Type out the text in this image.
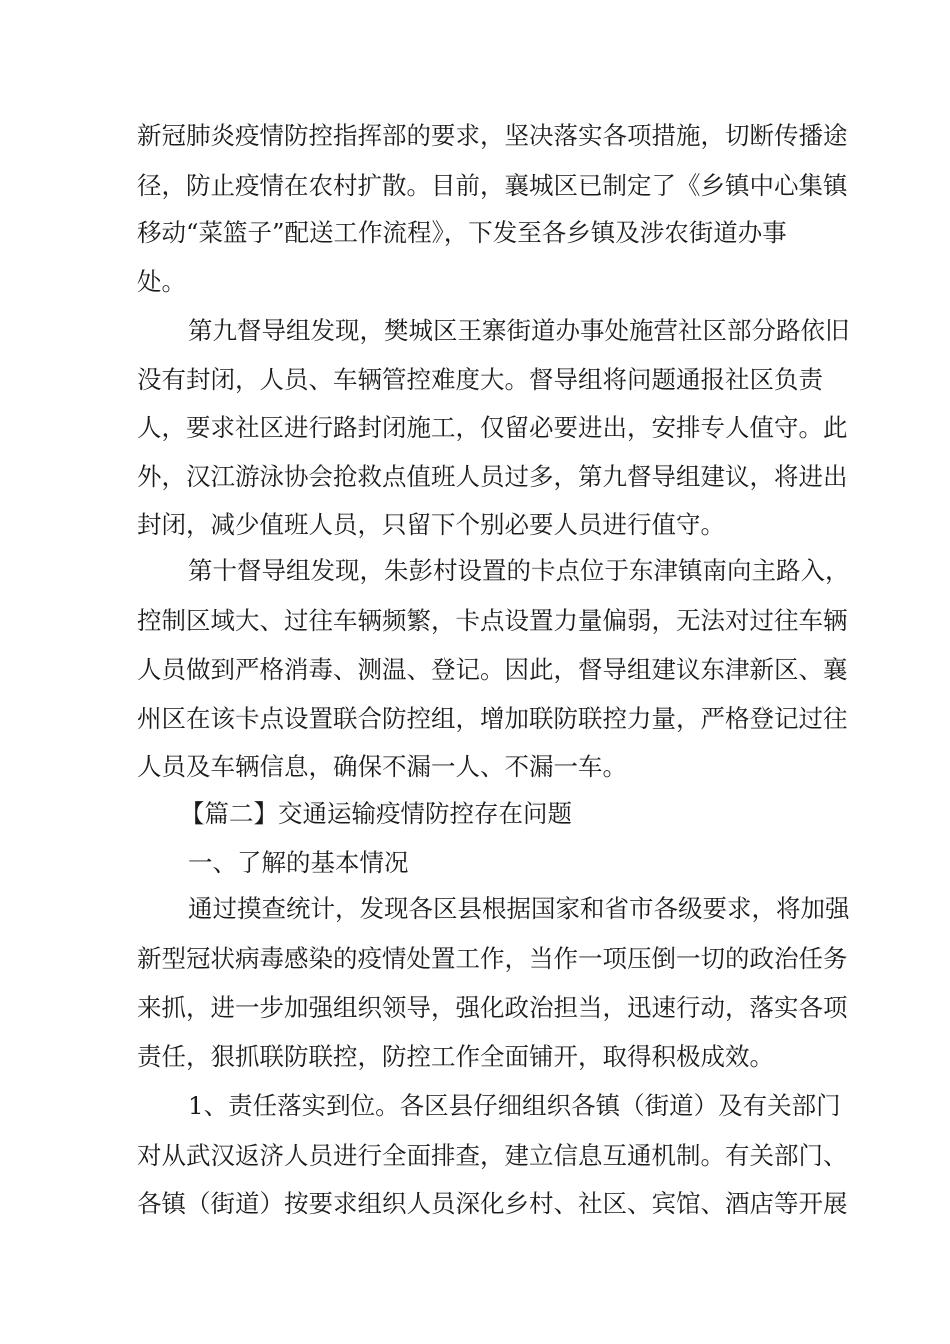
新冠肺炎疫情防控指挥部的要求，坚决落实各项措施，切断传播途

径，防止疫情在农村扩散。目前，襄城区已制定了《乡镇中心集镇

移动“菜篮子”配送工作流程》，下发至各乡镇及涉农街道办事

处。

第九督导组发现，樊城区王寨街道办事处施营社区部分路依旧

没有封闭，人员、车辆管控难度大。督导组将问题通报社区负责

人，要求社区进行路封闭施工，仅留必要进出，安排专人值守。此

外，汉江游泳协会抢救点值班人员过多，第九督导组建议，将进出

封闭，减少值班人员，只留下个别必要人员进行值守。

第十督导组发现，朱彭村设置的卡点位于东津镇南向主路入，

控制区域大、过往车辆频繁，卡点设置力量偏弱，无法对过往车辆

人员做到严格消毒、测温、登记。因此，督导组建议东津新区、襄

州区在该卡点设置联合防控组，增加联防联控力量，严格登记过往

人员及车辆信息，确保不漏一人、不漏一车。

【篇二】交通运输疫情防控存在问题

一、了解的基本情况

通过摸查统计，发现各区县根据国家和省市各级要求，将加强

新型冠状病毒感染的疫情处置工作，当作一项压倒一切的政治任务

来抓，进一步加强组织领导，强化政治担当，迅速行动，落实各项

责任，狠抓联防联控，防控工作全面铺开，取得积极成效。

1、责任落实到位。各区县仔细组织各镇（街道）及有关部门

对从武汉返济人员进行全面排查，建立信息互通机制。有关部门、

各镇（街道）按要求组织人员深化乡村、社区、宾馆、酒店等开展
